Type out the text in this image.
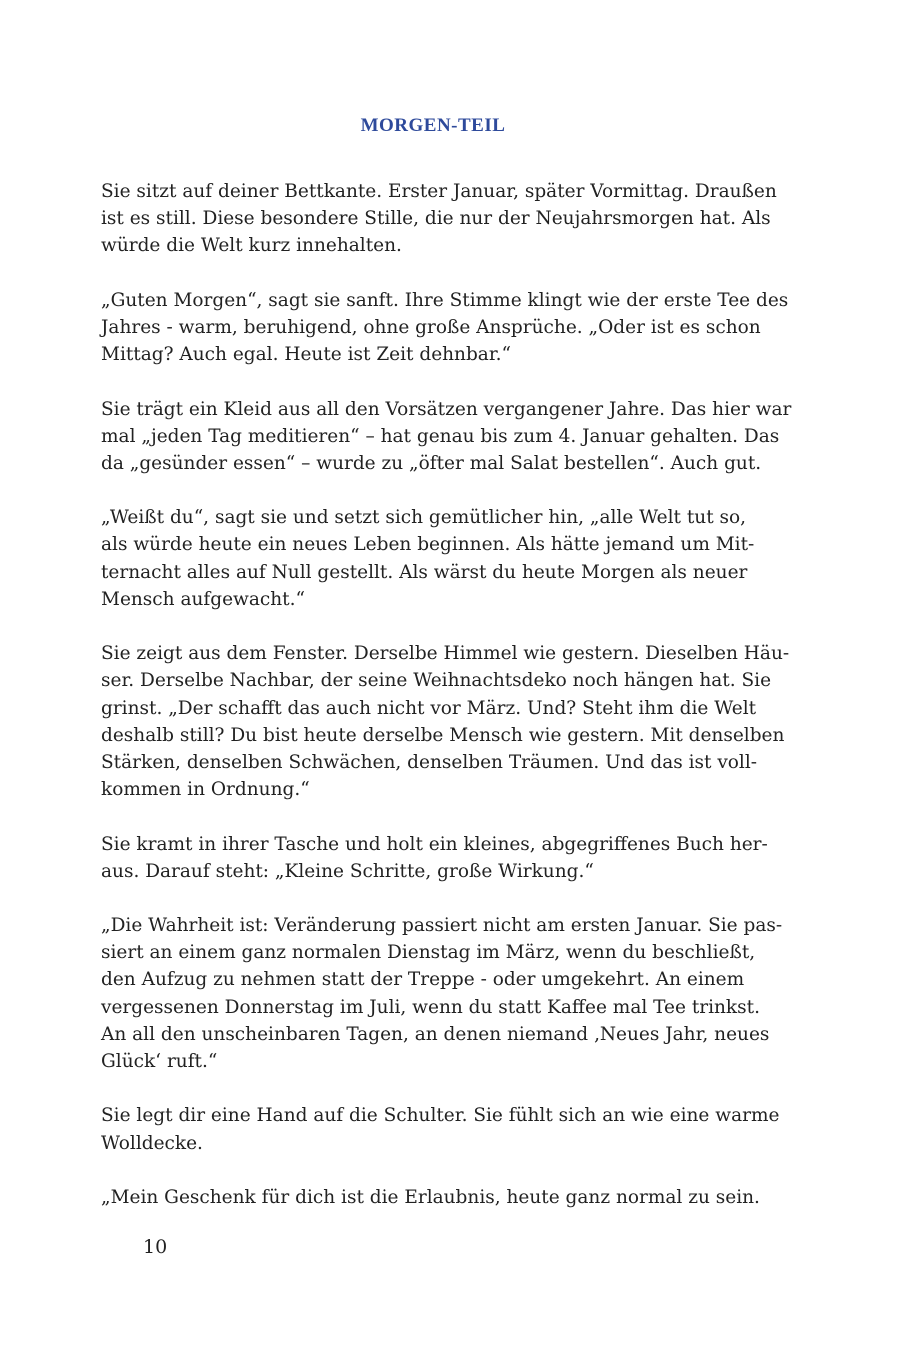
MORGEN-TEIL
Sie sitzt auf deiner Bettkante. Erster Januar, später Vormittag. Draußen
ist es still. Diese besondere Stille, die nur der Neujahrsmorgen hat. Als
würde die Welt kurz innehalten.
„Guten Morgen“, sagt sie sanft. Ihre Stimme klingt wie der erste Tee des
Jahres - warm, beruhigend, ohne große Ansprüche. „Oder ist es schon
Mittag? Auch egal. Heute ist Zeit dehnbar.“
Sie trägt ein Kleid aus all den Vorsätzen vergangener Jahre. Das hier war
mal „jeden Tag meditieren“ – hat genau bis zum 4. Januar gehalten. Das
da „gesünder essen“ – wurde zu „öfter mal Salat bestellen“. Auch gut.
„Weißt du“, sagt sie und setzt sich gemütlicher hin, „alle Welt tut so,
als würde heute ein neues Leben beginnen. Als hätte jemand um Mit-
ternacht alles auf Null gestellt. Als wärst du heute Morgen als neuer
Mensch aufgewacht.“
Sie zeigt aus dem Fenster. Derselbe Himmel wie gestern. Dieselben Häu-
ser. Derselbe Nachbar, der seine Weihnachtsdeko noch hängen hat. Sie
grinst. „Der schafft das auch nicht vor März. Und? Steht ihm die Welt
deshalb still? Du bist heute derselbe Mensch wie gestern. Mit denselben
Stärken, denselben Schwächen, denselben Träumen. Und das ist voll-
kommen in Ordnung.“
Sie kramt in ihrer Tasche und holt ein kleines, abgegriffenes Buch her-
aus. Darauf steht: „Kleine Schritte, große Wirkung.“
„Die Wahrheit ist: Veränderung passiert nicht am ersten Januar. Sie pas-
siert an einem ganz normalen Dienstag im März, wenn du beschließt,
den Aufzug zu nehmen statt der Treppe - oder umgekehrt. An einem
vergessenen Donnerstag im Juli, wenn du statt Kaffee mal Tee trinkst.
An all den unscheinbaren Tagen, an denen niemand ‚Neues Jahr, neues
Glück‘ ruft.“
Sie legt dir eine Hand auf die Schulter. Sie fühlt sich an wie eine warme
Wolldecke.
„Mein Geschenk für dich ist die Erlaubnis, heute ganz normal zu sein.
10
